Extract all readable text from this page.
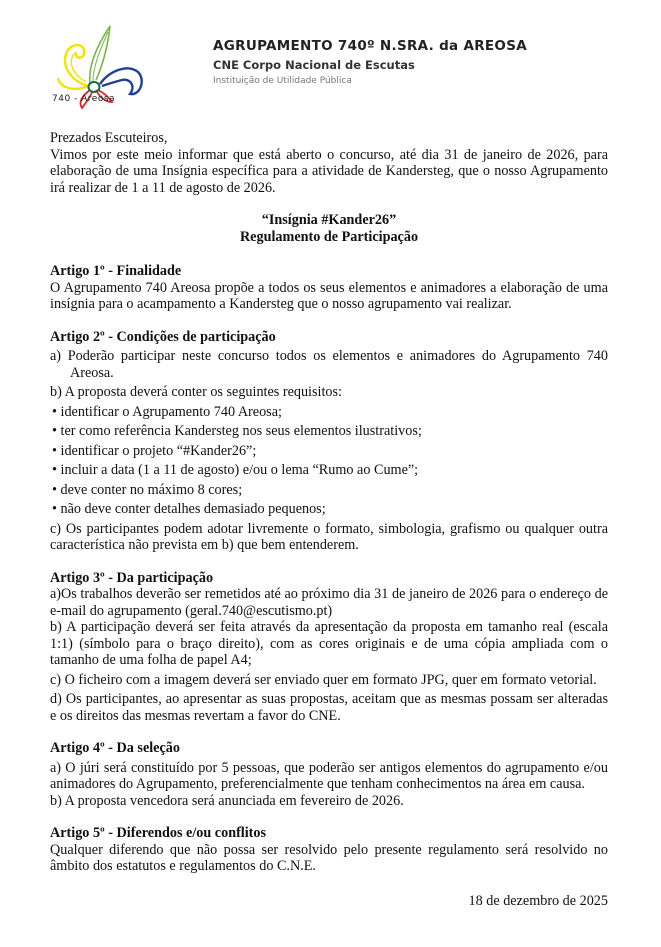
740 - Areosa
AGRUPAMENTO 740º N.SRA. da AREOSA
CNE Corpo Nacional de Escutas
Instituição de Utilidade Pública

Prezados Escuteiros,

Vimos por este meio informar que está aberto o concurso, até dia 31 de janeiro de 2026, para elaboração de uma Insígnia específica para a atividade de Kandersteg, que o nosso Agrupamento irá realizar de 1 a 11 de agosto de 2026.

“Insígnia #Kander26”

Regulamento de Participação

Artigo 1º - Finalidade

O Agrupamento 740 Areosa propõe a todos os seus elementos e animadores a elaboração de uma insígnia para o acampamento a Kandersteg que o nosso agrupamento vai realizar.

Artigo 2º - Condições de participação

a) Poderão participar neste concurso todos os elementos e animadores do Agrupamento 740 Areosa.

b) A proposta deverá conter os seguintes requisitos:

• identificar o Agrupamento 740 Areosa;

• ter como referência Kandersteg nos seus elementos ilustrativos;

• identificar o projeto “#Kander26”;

• incluir a data (1 a 11 de agosto) e/ou o lema “Rumo ao Cume”;

• deve conter no máximo 8 cores;

• não deve conter detalhes demasiado pequenos;

c) Os participantes podem adotar livremente o formato, simbologia, grafismo ou qualquer outra característica não prevista em b) que bem entenderem.

Artigo 3º - Da participação

a)Os trabalhos deverão ser remetidos até ao próximo dia 31 de janeiro de 2026 para o endereço de e-mail do agrupamento (geral.740@escutismo.pt)

b) A participação deverá ser feita através da apresentação da proposta em tamanho real (escala 1:1) (símbolo para o braço direito), com as cores originais e de uma cópia ampliada com o tamanho de uma folha de papel A4;

c) O ficheiro com a imagem deverá ser enviado quer em formato JPG, quer em formato vetorial.

d) Os participantes, ao apresentar as suas propostas, aceitam que as mesmas possam ser alteradas e os direitos das mesmas revertam a favor do CNE.

Artigo 4º - Da seleção

a) O júri será constituído por 5 pessoas, que poderão ser antigos elementos do agrupamento e/ou animadores do Agrupamento, preferencialmente que tenham conhecimentos na área em causa.

b) A proposta vencedora será anunciada em fevereiro de 2026.

Artigo 5º - Diferendos e/ou conflitos

Qualquer diferendo que não possa ser resolvido pelo presente regulamento será resolvido no âmbito dos estatutos e regulamentos do C.N.E.

18 de dezembro de 2025
